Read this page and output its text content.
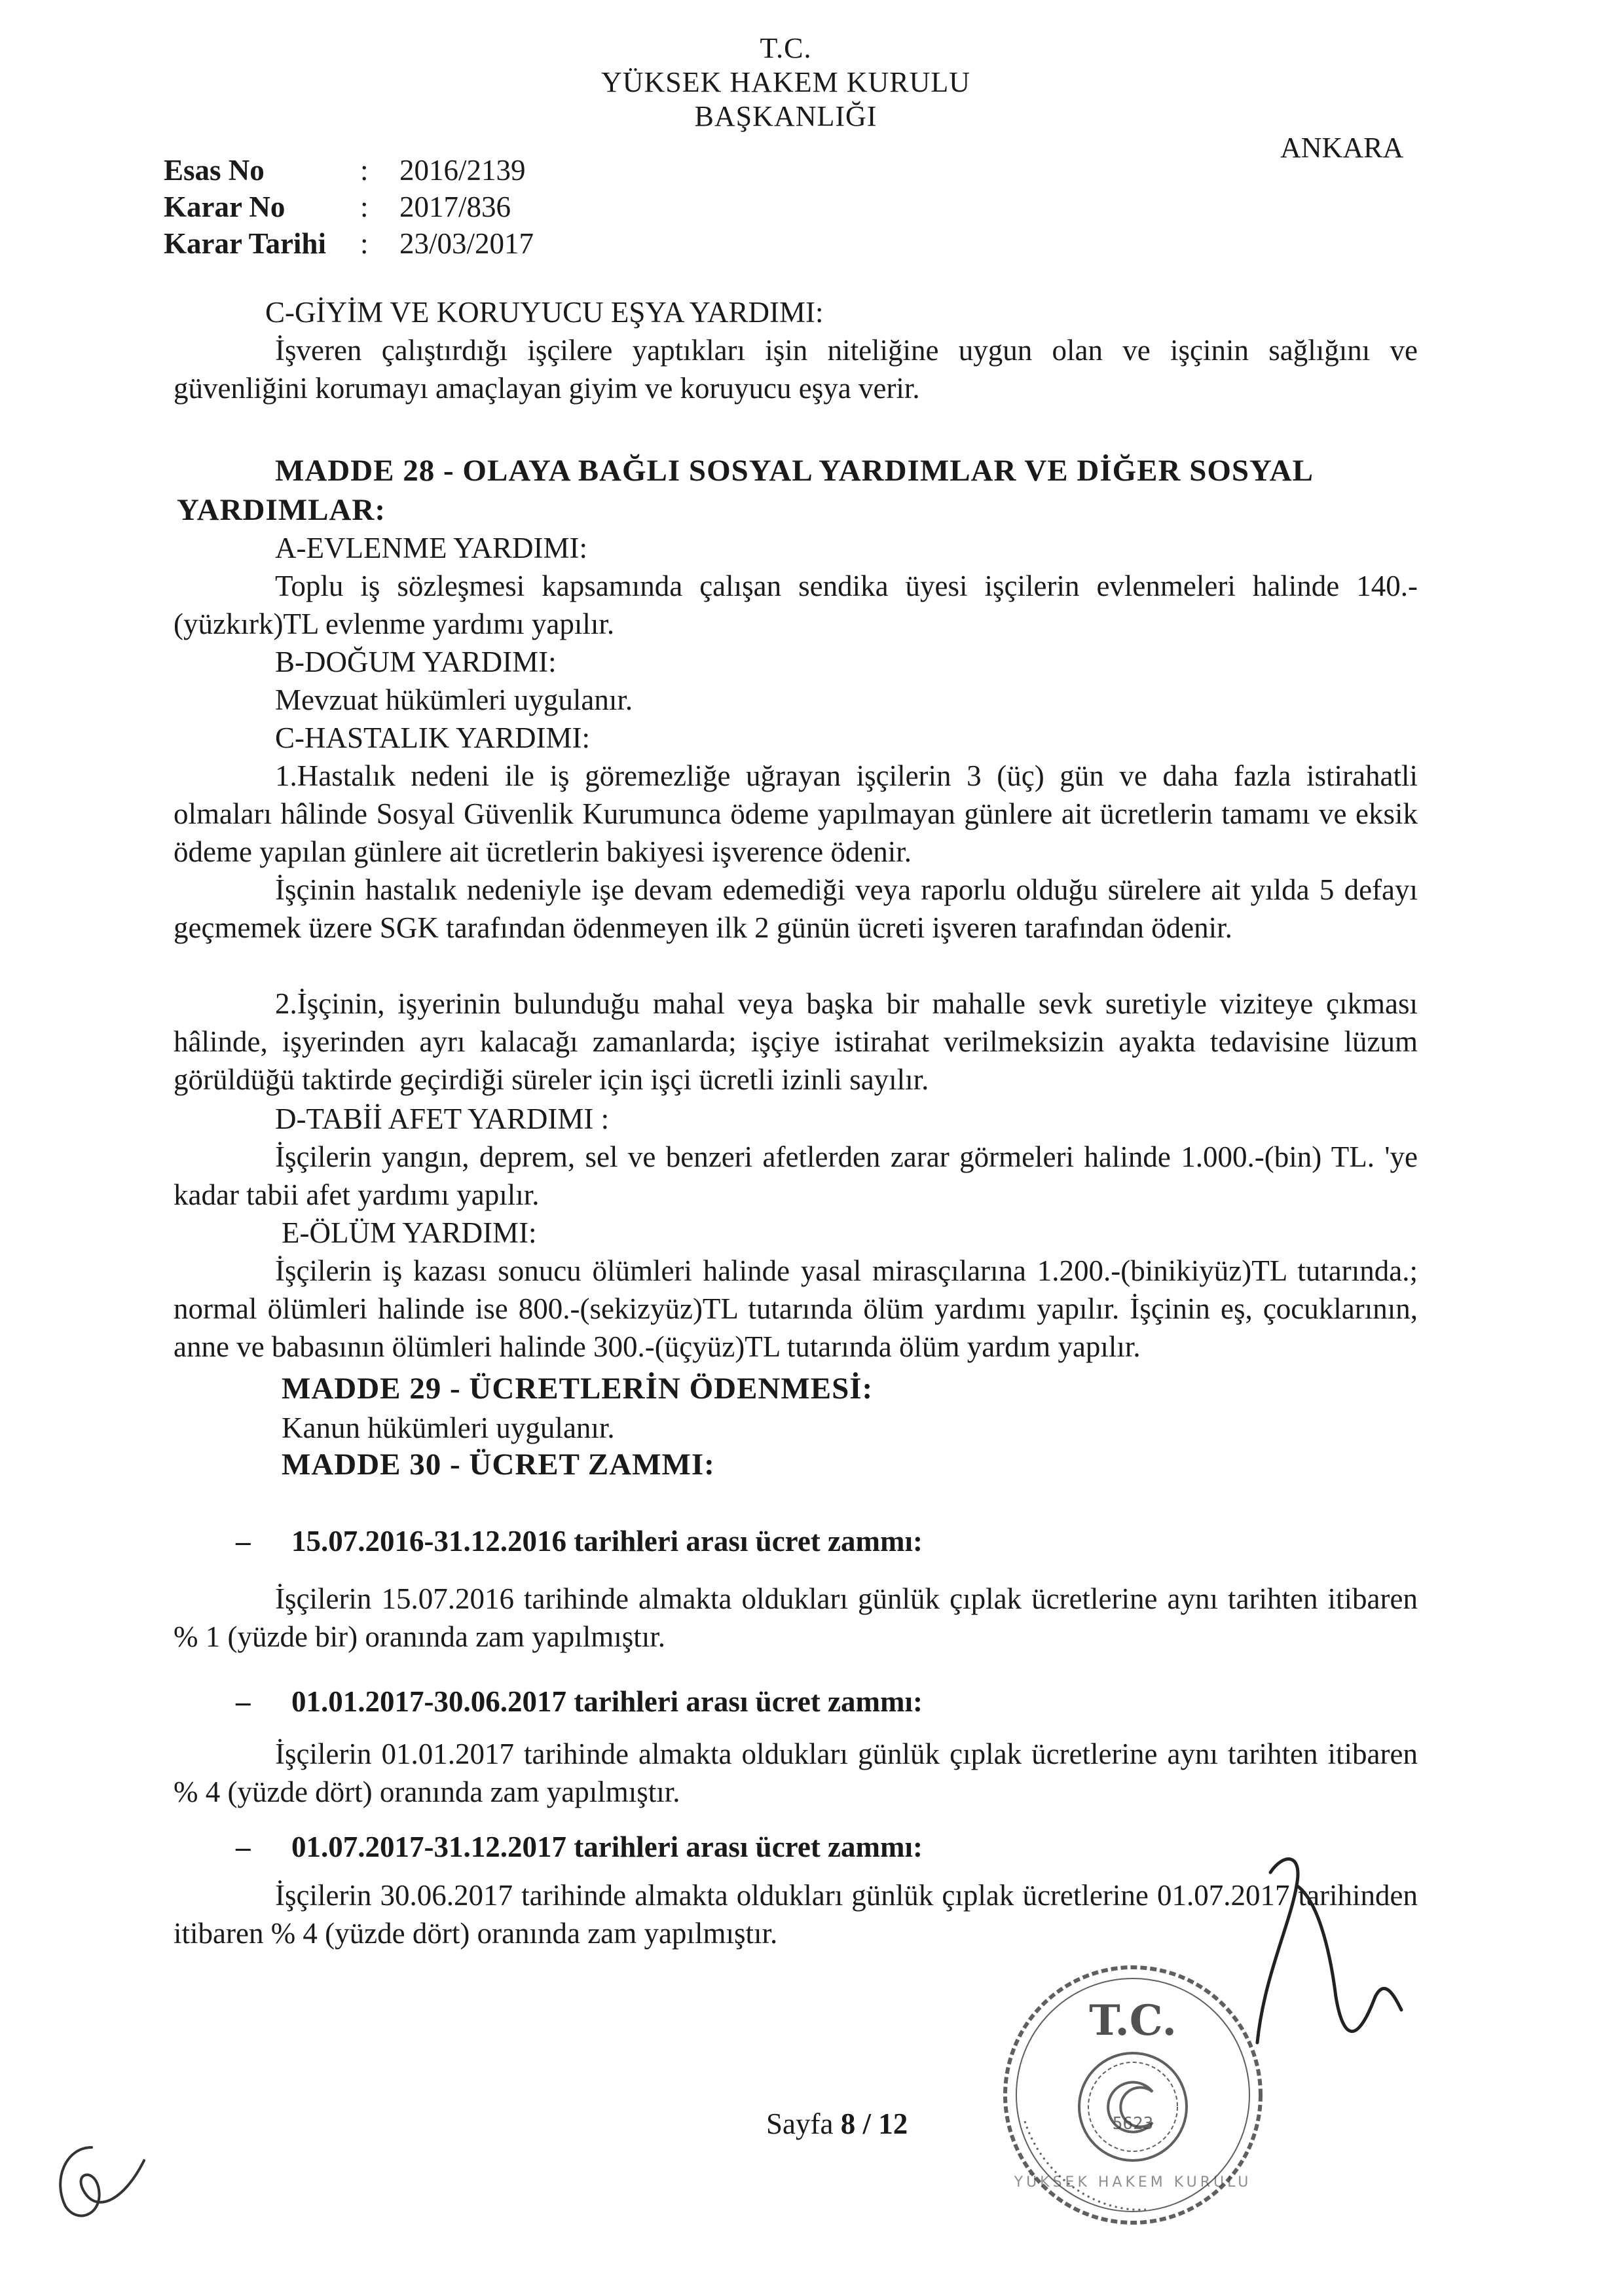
T.C.
YÜKSEK HAKEM KURULU
BAŞKANLIĞI
ANKARA
Esas No	: 2016/2139
Karar No	: 2017/836
Karar Tarihi : 23/03/2017
C-GİYİM VE KORUYUCU EŞYA YARDIMI:
İşveren çalıştırdığı işçilere yaptıkları işin niteliğine uygun olan ve işçinin sağlığını ve güvenliğini korumayı amaçlayan giyim ve koruyucu eşya verir.
MADDE 28 - OLAYA BAĞLI SOSYAL YARDIMLAR VE DİĞER SOSYAL
YARDIMLAR:
A-EVLENME YARDIMI:
Toplu iş sözleşmesi kapsamında çalışan sendika üyesi işçilerin evlenmeleri halinde 140.-(yüzkırk)TL evlenme yardımı yapılır.
B-DOĞUM YARDIMI:
Mevzuat hükümleri uygulanır.
C-HASTALIK YARDIMI:
1.Hastalık nedeni ile iş göremezliğe uğrayan işçilerin 3 (üç) gün ve daha fazla istirahatli olmaları hâlinde Sosyal Güvenlik Kurumunca ödeme yapılmayan günlere ait ücretlerin tamamı ve eksik ödeme yapılan günlere ait ücretlerin bakiyesi işverence ödenir.
İşçinin hastalık nedeniyle işe devam edemediği veya raporlu olduğu sürelere ait yılda 5 defayı geçmemek üzere SGK tarafından ödenmeyen ilk 2 günün ücreti işveren tarafından ödenir.
2.İşçinin, işyerinin bulunduğu mahal veya başka bir mahalle sevk suretiyle viziteye çıkması hâlinde, işyerinden ayrı kalacağı zamanlarda; işçiye istirahat verilmeksizin ayakta tedavisine lüzum görüldüğü taktirde geçirdiği süreler için işçi ücretli izinli sayılır.
D-TABİİ AFET YARDIMI :
İşçilerin yangın, deprem, sel ve benzeri afetlerden zarar görmeleri halinde 1.000.-(bin) TL. 'ye kadar tabii afet yardımı yapılır.
E-ÖLÜM YARDIMI:
İşçilerin iş kazası sonucu ölümleri halinde yasal mirasçılarına 1.200.-(binikiyüz)TL tutarında.; normal ölümleri halinde ise 800.-(sekizyüz)TL tutarında ölüm yardımı yapılır. İşçinin eş, çocuklarının, anne ve babasının ölümleri halinde 300.-(üçyüz)TL tutarında ölüm yardım yapılır.
MADDE 29 - ÜCRETLERİN ÖDENMESİ:
Kanun hükümleri uygulanır.
MADDE 30 - ÜCRET ZAMMI:
– 15.07.2016-31.12.2016 tarihleri arası ücret zammı:
İşçilerin 15.07.2016 tarihinde almakta oldukları günlük çıplak ücretlerine aynı tarihten itibaren % 1 (yüzde bir) oranında zam yapılmıştır.
– 01.01.2017-30.06.2017 tarihleri arası ücret zammı:
İşçilerin 01.01.2017 tarihinde almakta oldukları günlük çıplak ücretlerine aynı tarihten itibaren % 4 (yüzde dört) oranında zam yapılmıştır.
– 01.07.2017-31.12.2017 tarihleri arası ücret zammı:
İşçilerin 30.06.2017 tarihinde almakta oldukları günlük çıplak ücretlerine 01.07.2017 tarihinden itibaren % 4 (yüzde dört) oranında zam yapılmıştır.
T.C.
5623
YÜKSEK HAKEM KURULU
Sayfa 8 / 12
